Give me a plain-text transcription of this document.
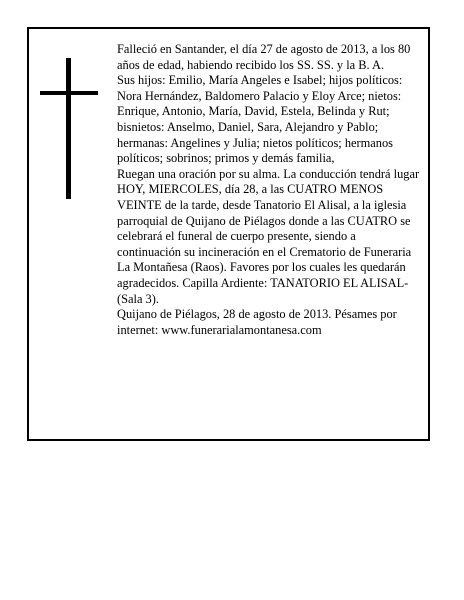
Falleció en Santander, el día 27 de agosto de 2013, a los 80 años de edad, habiendo recibido los SS. SS. y la B. A.

Sus hijos: Emilio, María Angeles e Isabel; hijos políticos: Nora Hernández, Baldomero Palacio y Eloy Arce; nietos: Enrique, Antonio, María, David, Estela, Belinda y Rut; bisnietos: Anselmo, Daniel, Sara, Alejandro y Pablo; hermanas: Angelines y Julia; nietos políticos; hermanos políticos; sobrinos; primos y demás familia,

Ruegan una oración por su alma. La conducción tendrá lugar HOY, MIERCOLES, día 28, a las CUATRO MENOS VEINTE de la tarde, desde Tanatorio El Alisal, a la iglesia parroquial de Quijano de Piélagos donde a las CUATRO se celebrará el funeral de cuerpo presente, siendo a continuación su incineración en el Crematorio de Funeraria La Montañesa (Raos). Favores por los cuales les quedarán agradecidos. Capilla Ardiente: TANATORIO EL ALISAL-(Sala 3).

Quijano de Piélagos, 28 de agosto de 2013. Pésames por internet: www.funerarialamontanesa.com
